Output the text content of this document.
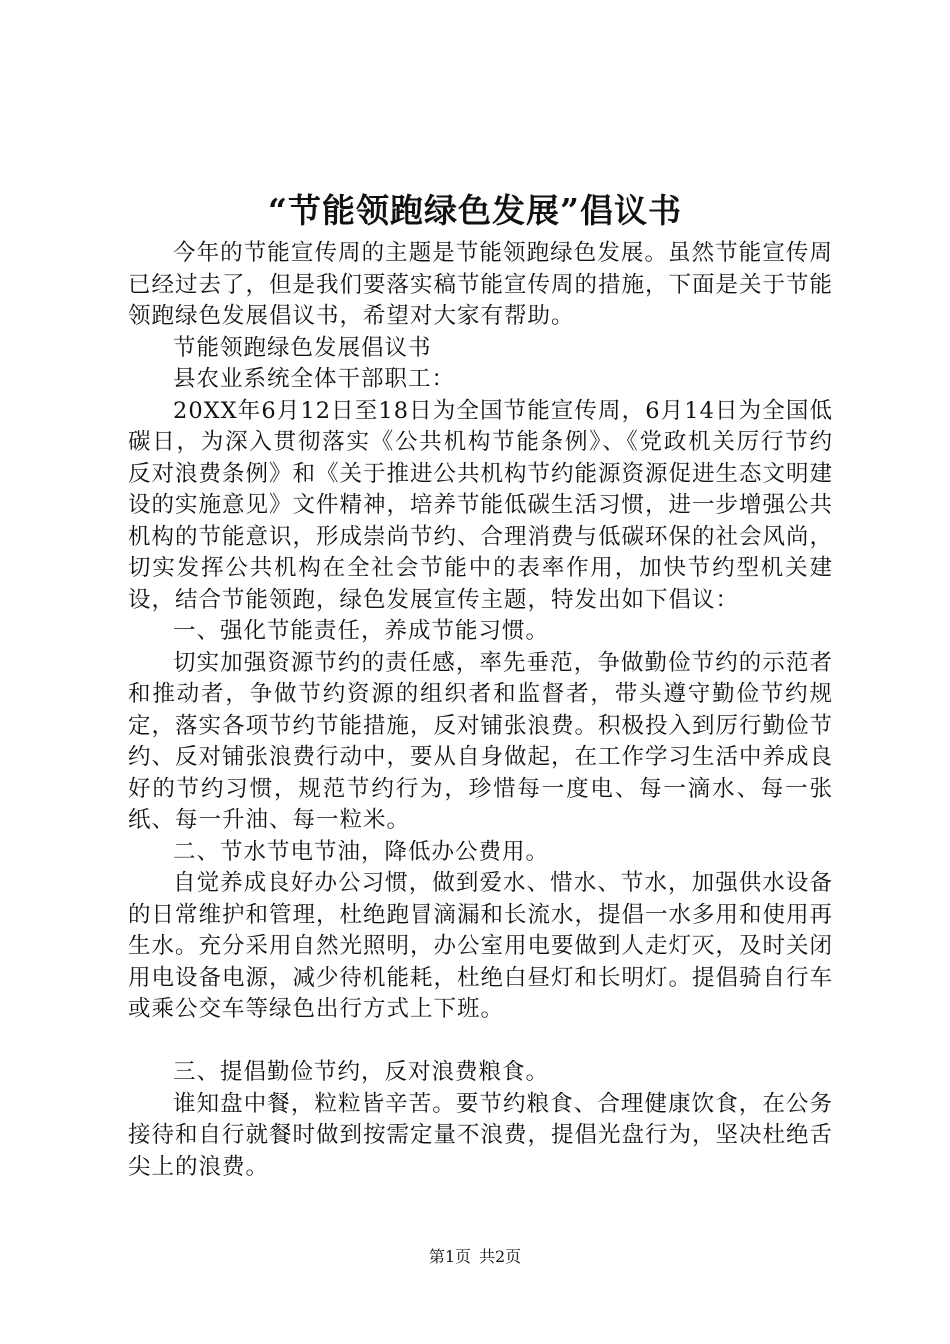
“节能领跑绿色发展”倡议书

今年的节能宣传周的主题是节能领跑绿色发展。虽然节能宣传周已经过去了，但是我们要落实稿节能宣传周的措施，下面是关于节能领跑绿色发展倡议书，希望对大家有帮助。

节能领跑绿色发展倡议书

县农业系统全体干部职工：

20XX年6月12日至18日为全国节能宣传周，6月14日为全国低碳日，为深入贯彻落实《公共机构节能条例》、《党政机关厉行节约反对浪费条例》和《关于推进公共机构节约能源资源促进生态文明建设的实施意见》文件精神，培养节能低碳生活习惯，进一步增强公共机构的节能意识，形成崇尚节约、合理消费与低碳环保的社会风尚，切实发挥公共机构在全社会节能中的表率作用，加快节约型机关建设，结合节能领跑，绿色发展宣传主题，特发出如下倡议：

一、强化节能责任，养成节能习惯。

切实加强资源节约的责任感，率先垂范，争做勤俭节约的示范者和推动者，争做节约资源的组织者和监督者，带头遵守勤俭节约规定，落实各项节约节能措施，反对铺张浪费。积极投入到厉行勤俭节约、反对铺张浪费行动中，要从自身做起，在工作学习生活中养成良好的节约习惯，规范节约行为，珍惜每一度电、每一滴水、每一张纸、每一升油、每一粒米。

二、节水节电节油，降低办公费用。

自觉养成良好办公习惯，做到爱水、惜水、节水，加强供水设备的日常维护和管理，杜绝跑冒滴漏和长流水，提倡一水多用和使用再生水。充分采用自然光照明，办公室用电要做到人走灯灭，及时关闭用电设备电源，减少待机能耗，杜绝白昼灯和长明灯。提倡骑自行车或乘公交车等绿色出行方式上下班。

三、提倡勤俭节约，反对浪费粮食。

谁知盘中餐，粒粒皆辛苦。要节约粮食、合理健康饮食，在公务接待和自行就餐时做到按需定量不浪费，提倡光盘行为，坚决杜绝舌尖上的浪费。

第1页 共2页
